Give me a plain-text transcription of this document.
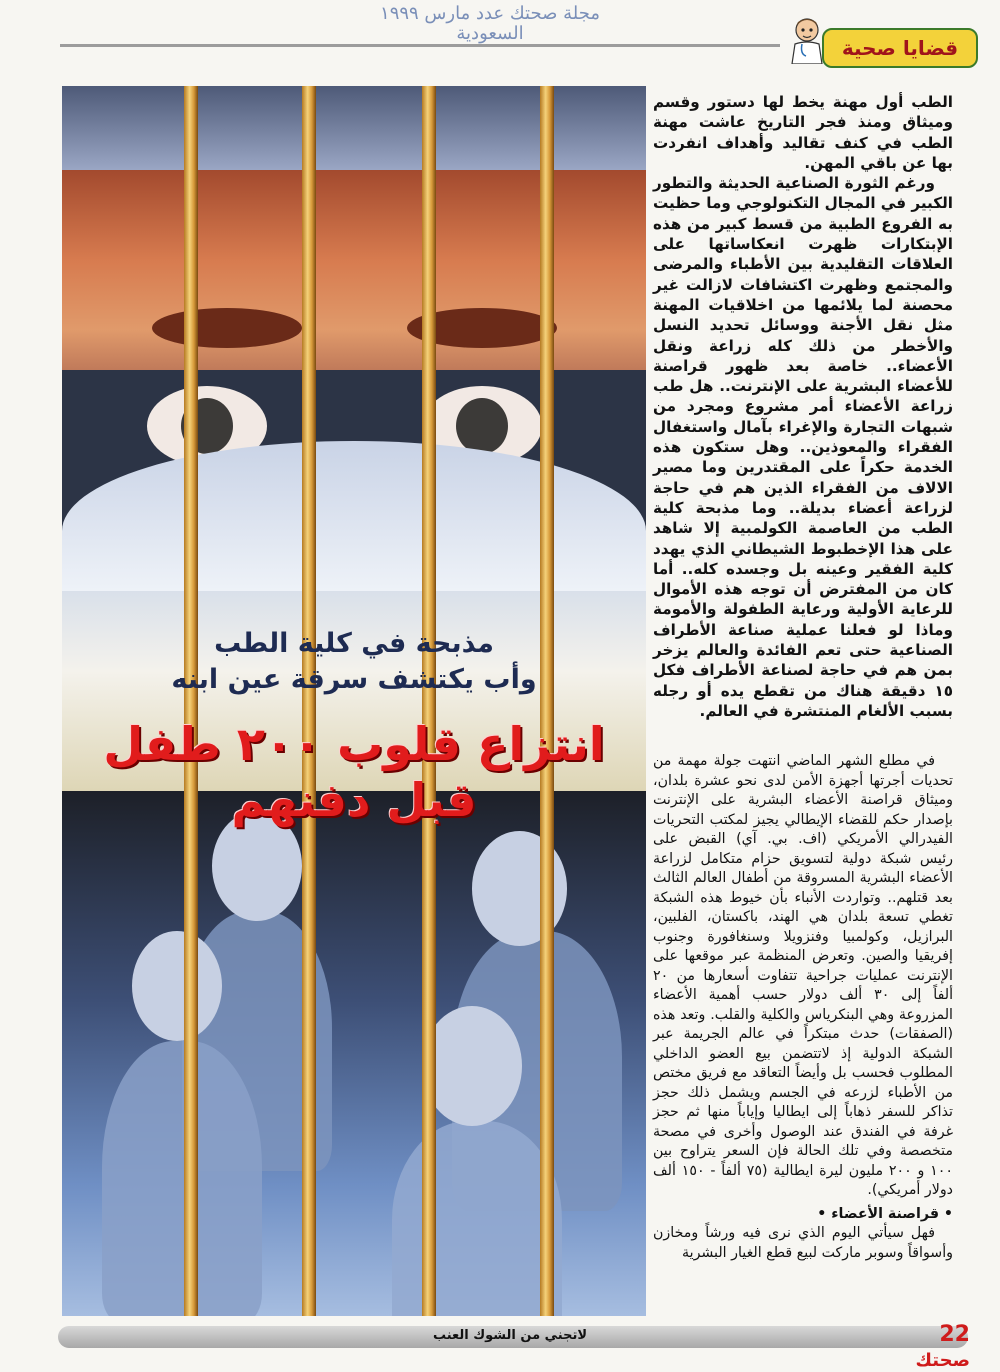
مجلة صحتك عدد مارس ١٩٩٩
السعودية
قضايا صحية

مذبحة في كلية الطب

وأب يكتشف سرقة عين ابنه

انتزاع قلوب ٢٠٠ طفل قبل دفنهم

الطب أول مهنة يخط لها دستور وقسم وميثاق ومنذ فجر التاريخ عاشت مهنة الطب في كنف تقاليد وأهداف انفردت بها عن باقي المهن.

ورغم الثورة الصناعية الحديثة والتطور الكبير في المجال التكنولوجي وما حظيت به الفروع الطبية من قسط كبير من هذه الإبتكارات ظهرت انعكاساتها على العلاقات التقليدية بين الأطباء والمرضى والمجتمع وظهرت اكتشافات لازالت غير محصنة لما يلائمها من اخلاقيات المهنة مثل نقل الأجنة ووسائل تحديد النسل والأخطر من ذلك كله زراعة ونقل الأعضاء.. خاصة بعد ظهور قراصنة للأعضاء البشرية على الإنترنت.. هل طب زراعة الأعضاء أمر مشروع ومجرد من شبهات التجارة والإغراء بآمال واستغفال الفقراء والمعوذين.. وهل ستكون هذه الخدمة حكراً على المقتدرين وما مصير الالاف من الفقراء الذين هم في حاجة لزراعة أعضاء بديلة.. وما مذبحة كلية الطب من العاصمة الكولمبية إلا شاهد على هذا الإخطبوط الشيطاني الذي يهدد كلية الفقير وعينه بل وجسده كله.. أما كان من المفترض أن توجه هذه الأموال للرعاية الأولية ورعاية الطفولة والأمومة وماذا لو فعلنا عملية صناعة الأطراف الصناعية حتى تعم الفائدة والعالم يزخر بمن هم في حاجة لصناعة الأطراف فكل ١٥ دقيقة هناك من تقطع يده أو رجله بسبب الألغام المنتشرة في العالم.

في مطلع الشهر الماضي انتهت جولة مهمة من تحديات أجرتها أجهزة الأمن لدى نحو عشرة بلدان، وميثاق قراصنة الأعضاء البشرية على الإنترنت بإصدار حكم للقضاء الإيطالي يجيز لمكتب التحريات الفيدرالي الأمريكي (اف. بي. آي) القبض على رئيس شبكة دولية لتسويق حزام متكامل لزراعة الأعضاء البشرية المسروقة من أطفال العالم الثالث بعد قتلهم.. وتواردت الأنباء بأن خيوط هذه الشبكة تغطي تسعة بلدان هي الهند، باكستان، الفلبين، البرازيل، وكولمبيا وفنزويلا وسنغافورة وجنوب إفريقيا والصين. وتعرض المنظمة عبر موقعها على الإنترنت عمليات جراحية تتفاوت أسعارها من ٢٠ ألفاً إلى ٣٠ ألف دولار حسب أهمية الأعضاء المزروعة وهي البنكرياس والكلية والقلب. وتعد هذه (الصفقات) حدث مبتكراً في عالم الجريمة عبر الشبكة الدولية إذ لاتتضمن بيع العضو الداخلي المطلوب فحسب بل وأيضاً التعاقد مع فريق مختص من الأطباء لزرعه في الجسم ويشمل ذلك حجز تذاكر للسفر ذهاباً إلى ايطاليا وإياباً منها ثم حجز غرفة في الفندق عند الوصول وأخرى في مصحة متخصصة وفي تلك الحالة فإن السعر يتراوح بين ١٠٠ و ٢٠٠ مليون ليرة ايطالية (٧٥ ألفاً - ١٥٠ ألف دولار أمريكي).

• قراصنة الأعضاء •

فهل سيأتي اليوم الذي نرى فيه ورشاً ومخازن وأسواقاً وسوبر ماركت لبيع قطع الغيار البشرية

لاتجني من الشوك العنب	22 صحتك
